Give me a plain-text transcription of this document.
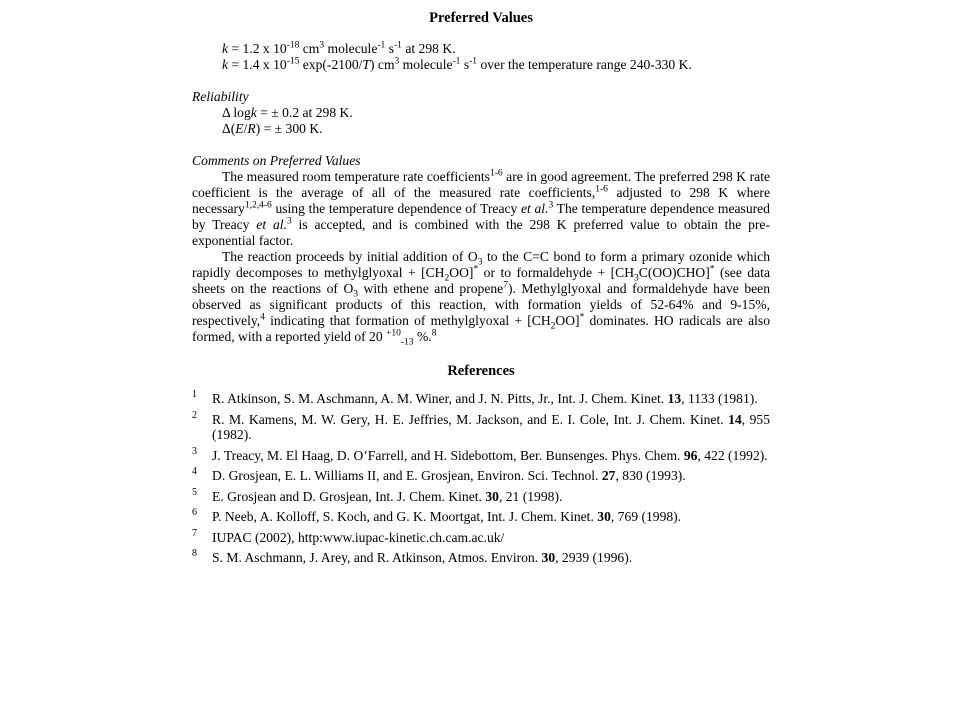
Preferred Values

k = 1.2 x $10^{-18}$ $cm^3$ molecule$^{-1}$ $s^{-1}$ at 298 K.

k = 1.4 x $10^{-15}$ exp(-2100/T) $cm^3$ molecule$^{-1}$ $s^{-1}$ over the temperature range 240-330 K.

Reliability

Δ logk = ± 0.2 at 298 K.

Δ(E/R) = ± 300 K.

Comments on Preferred Values

The measured room temperature rate coefficients$^{1-6}$ are in good agreement. The preferred 298 K rate coefficient is the average of all of the measured rate coefficients,$^{1-6}$ adjusted to 298 K where necessary$^{1,2,4-6}$ using the temperature dependence of Treacy et al.$^3$ The temperature dependence measured by Treacy et al.$^3$ is accepted, and is combined with the 298 K preferred value to obtain the pre-exponential factor.

The reaction proceeds by initial addition of $O_3$ to the C=C bond to form a primary ozonide which rapidly decomposes to methylglyoxal + $[CH_2OO]^*$ or to formaldehyde + $[CH_3C(OO)CHO]^*$ (see data sheets on the reactions of $O_3$ with ethene and propene$^7$). Methylglyoxal and formaldehyde have been observed as significant products of this reaction, with formation yields of 52-64% and 9-15%, respectively,$^4$ indicating that formation of methylglyoxal + $[CH_2OO]^*$ dominates. HO radicals are also formed, with a reported yield of 20 $^{+10}_{-13}$ %.$^8$

References

1 R. Atkinson, S. M. Aschmann, A. M. Winer, and J. N. Pitts, Jr., Int. J. Chem. Kinet. 13, 1133 (1981).

2 R. M. Kamens, M. W. Gery, H. E. Jeffries, M. Jackson, and E. I. Cole, Int. J. Chem. Kinet. 14, 955 (1982).

3 J. Treacy, M. El Haag, D. O’Farrell, and H. Sidebottom, Ber. Bunsenges. Phys. Chem. 96, 422 (1992).

4 D. Grosjean, E. L. Williams II, and E. Grosjean, Environ. Sci. Technol. 27, 830 (1993).

5 E. Grosjean and D. Grosjean, Int. J. Chem. Kinet. 30, 21 (1998).

6 P. Neeb, A. Kolloff, S. Koch, and G. K. Moortgat, Int. J. Chem. Kinet. 30, 769 (1998).

7 IUPAC (2002), http:www.iupac-kinetic.ch.cam.ac.uk/

8 S. M. Aschmann, J. Arey, and R. Atkinson, Atmos. Environ. 30, 2939 (1996).
